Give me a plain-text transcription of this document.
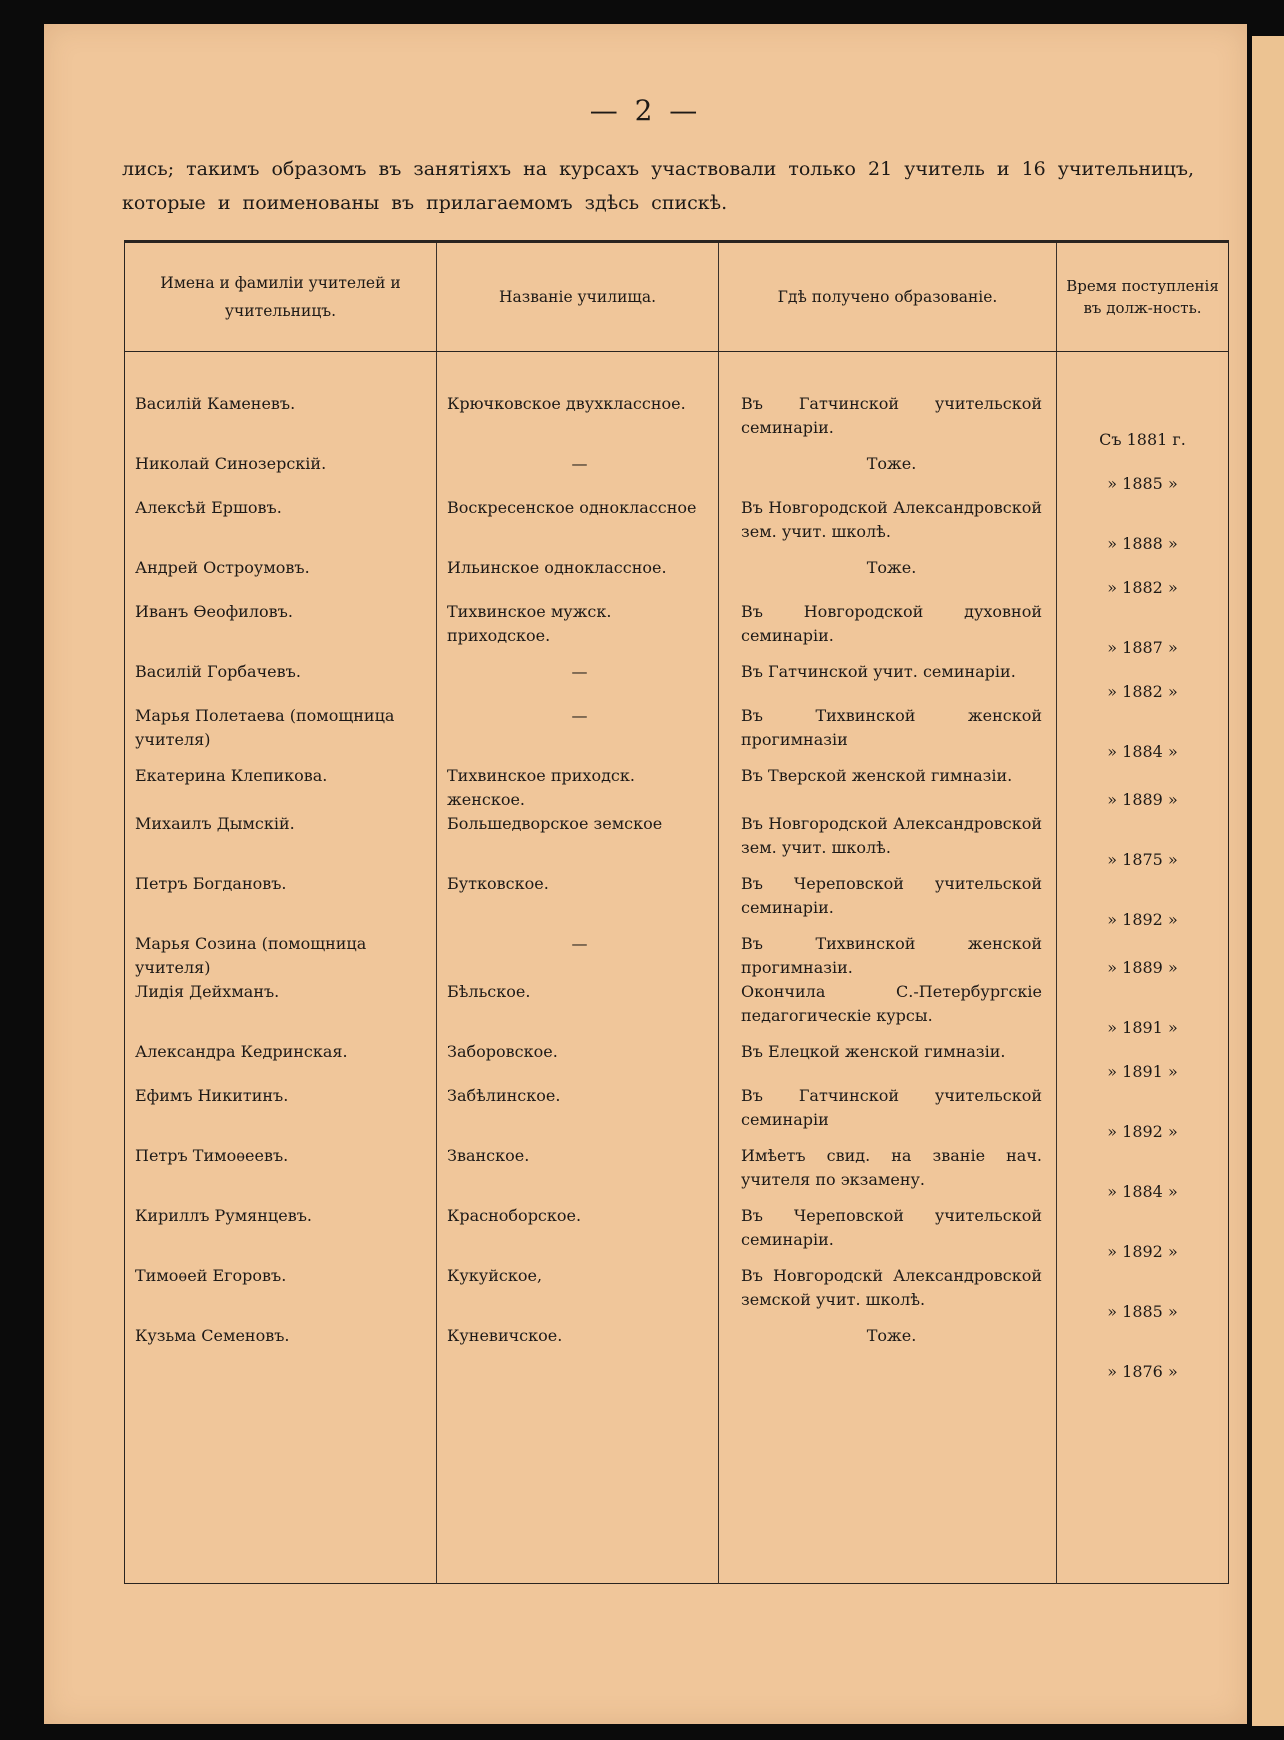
— 2 —

лись; такимъ образомъ въ занятіяхъ на курсахъ участвовали только 21 учитель и 16 учительницъ,

которые и поименованы въ прилагаемомъ здѣсь спискѣ.

Имена и фамиліи учителей и учительницъ.	Названіе училища.	Гдѣ получено образованіе.	Время поступленія въ долж-ность.

Василій Каменевъ.	Крючковское двухклассное.	Въ Гатчинской учительской семинаріи.	Съ 1881 г.
Николай Синозерскій.	—	Тоже.	» 1885 »
Алексѣй Ершовъ.	Воскресенское одноклассное	Въ Новгородской Александровской зем. учит. школѣ.	» 1888 »
Андрей Остроумовъ.	Ильинское одноклассное.	Тоже.	» 1882 »
Иванъ Ѳеофиловъ.	Тихвинское мужск. приходское.	Въ Новгородской духовной семинаріи.	» 1887 »
Василій Горбачевъ.	—	Въ Гатчинской учит. семинаріи.	» 1882 »
Марья Полетаева (помощница учителя)	—	Въ Тихвинской женской прогимназіи	» 1884 »
Екатерина Клепикова.	Тихвинское приходск. женское.	Въ Тверской женской гимназіи.	» 1889 »
Михаилъ Дымскій.	Большедворское земское	Въ Новгородской Александровской зем. учит. школѣ.	» 1875 »
Петръ Богдановъ.	Бутковское.	Въ Череповской учительской семинаріи.	» 1892 »
Марья Созина (помощница учителя)	—	Въ Тихвинской женской прогимназіи.	» 1889 »
Лидія Дейхманъ.	Бѣльское.	Окончила С.-Петербургскіе педагогическіе курсы.	» 1891 »
Александра Кедринская.	Заборовское.	Въ Елецкой женской гимназіи.	» 1891 »
Ефимъ Никитинъ.	Забѣлинское.	Въ Гатчинской учительской семинаріи	» 1892 »
Петръ Тимоѳеевъ.	Званское.	Имѣетъ свид. на званіе нач. учителя по экзамену.	» 1884 »
Кириллъ Румянцевъ.	Красноборское.	Въ Череповской учительской семинаріи.	» 1892 »
Тимоѳей Егоровъ.	Кукуйское,	Въ Новгородскй Александровской земской учит. школѣ.	» 1885 »
Кузьма Семеновъ.	Куневичское.	Тоже.	» 1876 »
